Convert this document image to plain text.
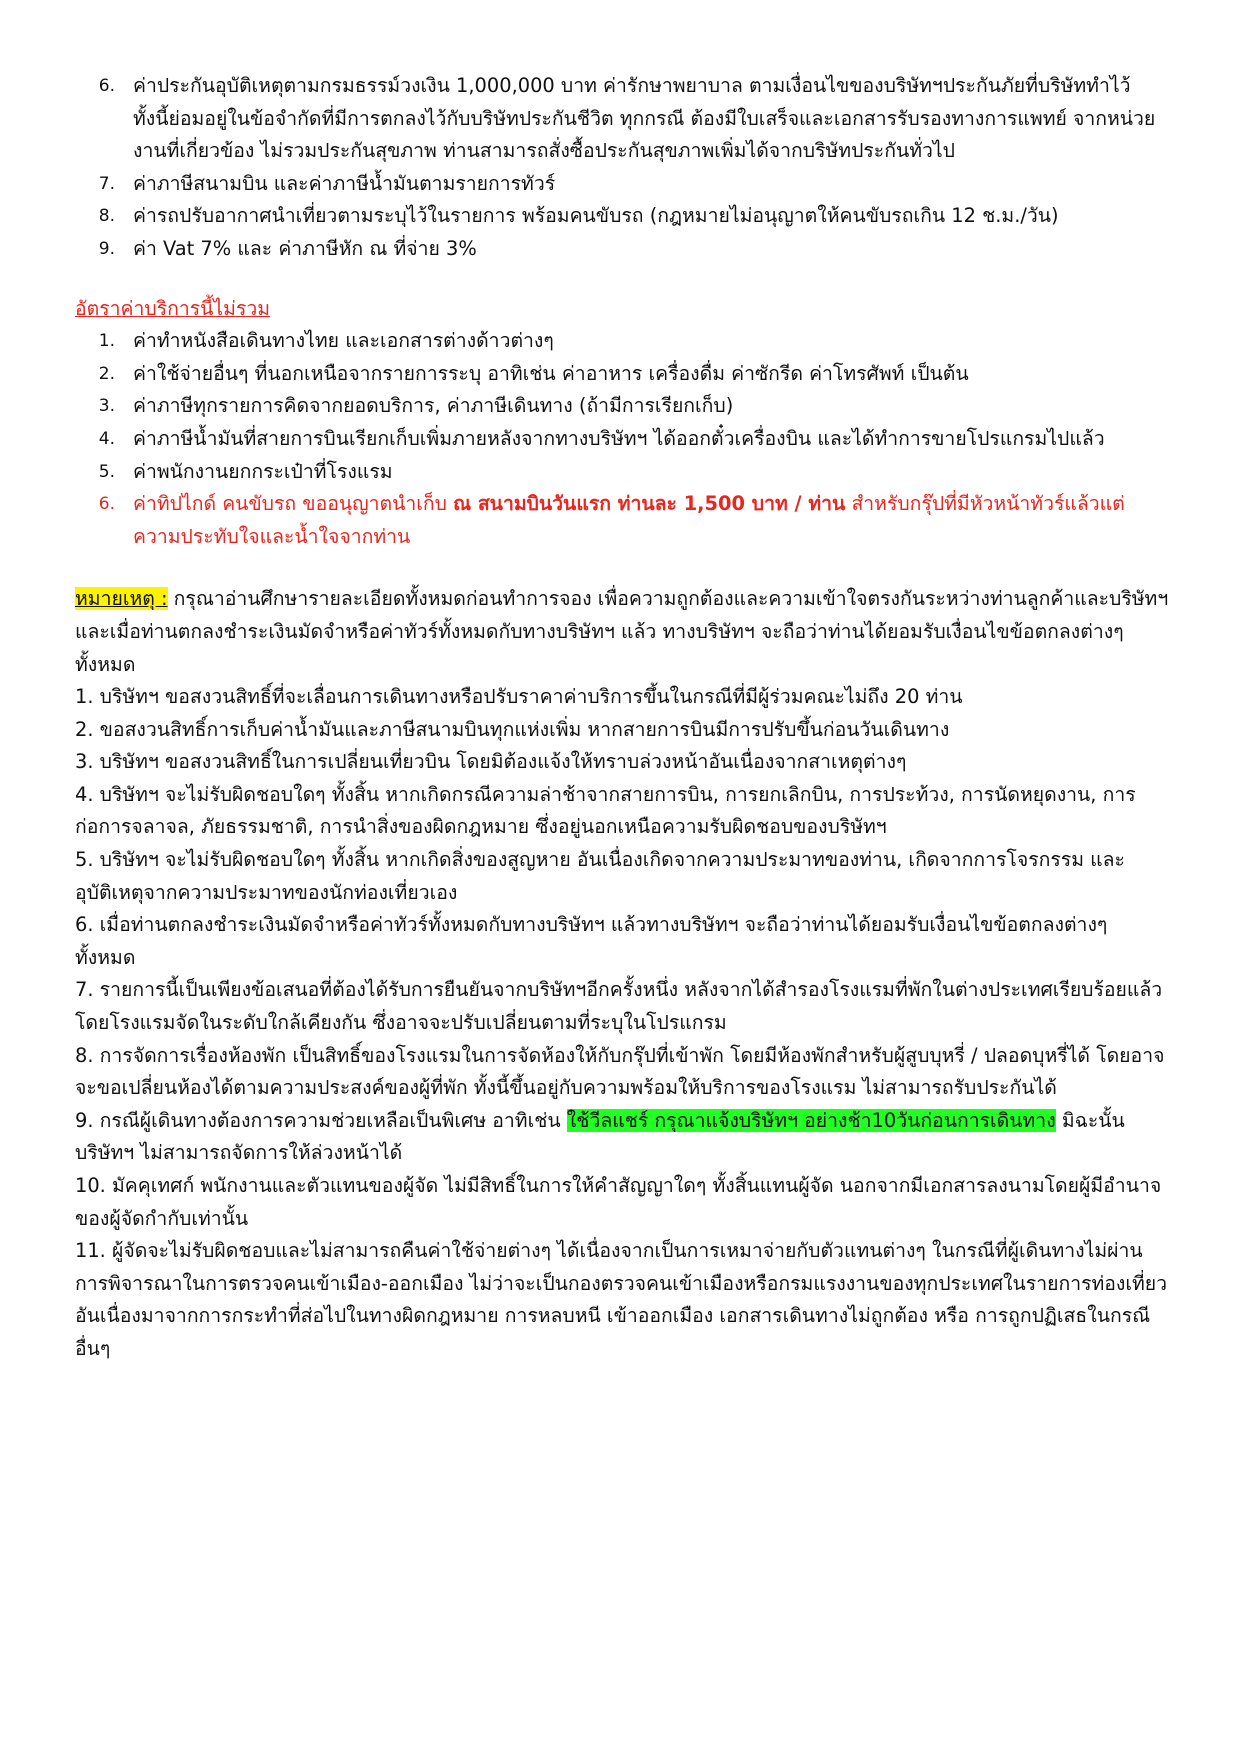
6. ค่าประกันอุบัติเหตุตามกรมธรรม์วงเงิน 1,000,000 บาท ค่ารักษาพยาบาล ตามเงื่อนไขของบริษัทฯประกันภัยที่บริษัททำไว้ ทั้งนี้ย่อมอยู่ในข้อจำกัดที่มีการตกลงไว้กับบริษัทประกันชีวิต ทุกกรณี ต้องมีใบเสร็จและเอกสารรับรองทางการแพทย์ จากหน่วยงานที่เกี่ยวข้อง ไม่รวมประกันสุขภาพ ท่านสามารถสั่งซื้อประกันสุขภาพเพิ่มได้จากบริษัทประกันทั่วไป
7. ค่าภาษีสนามบิน และค่าภาษีน้ำมันตามรายการทัวร์
8. ค่ารถปรับอากาศนำเที่ยวตามระบุไว้ในรายการ พร้อมคนขับรถ (กฎหมายไม่อนุญาตให้คนขับรถเกิน 12 ช.ม./วัน)
9. ค่า Vat 7% และ ค่าภาษีหัก ณ ที่จ่าย 3%

อัตราค่าบริการนี้ไม่รวม

1. ค่าทำหนังสือเดินทางไทย และเอกสารต่างด้าวต่างๆ
2. ค่าใช้จ่ายอื่นๆ ที่นอกเหนือจากรายการระบุ อาทิเช่น ค่าอาหาร เครื่องดื่ม ค่าซักรีด ค่าโทรศัพท์ เป็นต้น
3. ค่าภาษีทุกรายการคิดจากยอดบริการ, ค่าภาษีเดินทาง (ถ้ามีการเรียกเก็บ)
4. ค่าภาษีน้ำมันที่สายการบินเรียกเก็บเพิ่มภายหลังจากทางบริษัทฯ ได้ออกตั๋วเครื่องบิน และได้ทำการขายโปรแกรมไปแล้ว
5. ค่าพนักงานยกกระเป๋าที่โรงแรม
6. ค่าทิปไกด์ คนขับรถ ขออนุญาตนำเก็บ ณ สนามบินวันแรก ท่านละ 1,500 บาท / ท่าน สำหรับกรุ๊ปที่มีหัวหน้าทัวร์แล้วแต่ความประทับใจและน้ำใจจากท่าน

หมายเหตุ : กรุณาอ่านศึกษารายละเอียดทั้งหมดก่อนทำการจอง เพื่อความถูกต้องและความเข้าใจตรงกันระหว่างท่านลูกค้าและบริษัทฯ และเมื่อท่านตกลงชำระเงินมัดจำหรือค่าทัวร์ทั้งหมดกับทางบริษัทฯ แล้ว ทางบริษัทฯ จะถือว่าท่านได้ยอมรับเงื่อนไขข้อตกลงต่างๆ ทั้งหมด

1. บริษัทฯ ขอสงวนสิทธิ์ที่จะเลื่อนการเดินทางหรือปรับราคาค่าบริการขึ้นในกรณีที่มีผู้ร่วมคณะไม่ถึง 20 ท่าน

2. ขอสงวนสิทธิ์การเก็บค่าน้ำมันและภาษีสนามบินทุกแห่งเพิ่ม หากสายการบินมีการปรับขึ้นก่อนวันเดินทาง

3. บริษัทฯ ขอสงวนสิทธิ์ในการเปลี่ยนเที่ยวบิน โดยมิต้องแจ้งให้ทราบล่วงหน้าอันเนื่องจากสาเหตุต่างๆ

4. บริษัทฯ จะไม่รับผิดชอบใดๆ ทั้งสิ้น หากเกิดกรณีความล่าช้าจากสายการบิน, การยกเลิกบิน, การประท้วง, การนัดหยุดงาน, การก่อการจลาจล, ภัยธรรมชาติ, การนำสิ่งของผิดกฎหมาย ซึ่งอยู่นอกเหนือความรับผิดชอบของบริษัทฯ

5. บริษัทฯ จะไม่รับผิดชอบใดๆ ทั้งสิ้น หากเกิดสิ่งของสูญหาย อันเนื่องเกิดจากความประมาทของท่าน, เกิดจากการโจรกรรม และ อุบัติเหตุจากความประมาทของนักท่องเที่ยวเอง

6. เมื่อท่านตกลงชำระเงินมัดจำหรือค่าทัวร์ทั้งหมดกับทางบริษัทฯ แล้วทางบริษัทฯ จะถือว่าท่านได้ยอมรับเงื่อนไขข้อตกลงต่างๆ ทั้งหมด

7. รายการนี้เป็นเพียงข้อเสนอที่ต้องได้รับการยืนยันจากบริษัทฯอีกครั้งหนึ่ง หลังจากได้สำรองโรงแรมที่พักในต่างประเทศเรียบร้อยแล้ว โดยโรงแรมจัดในระดับใกล้เคียงกัน ซึ่งอาจจะปรับเปลี่ยนตามที่ระบุในโปรแกรม

8. การจัดการเรื่องห้องพัก เป็นสิทธิ์ของโรงแรมในการจัดห้องให้กับกรุ๊ปที่เข้าพัก โดยมีห้องพักสำหรับผู้สูบบุหรี่ / ปลอดบุหรี่ได้ โดยอาจจะขอเปลี่ยนห้องได้ตามความประสงค์ของผู้ที่พัก ทั้งนี้ขึ้นอยู่กับความพร้อมให้บริการของโรงแรม ไม่สามารถรับประกันได้

9. กรณีผู้เดินทางต้องการความช่วยเหลือเป็นพิเศษ อาทิเช่น ใช้วีลแชร์ กรุณาแจ้งบริษัทฯ อย่างช้า10วันก่อนการเดินทาง มิฉะนั้นบริษัทฯ ไม่สามารถจัดการให้ล่วงหน้าได้

10. มัคคุเทศก์ พนักงานและตัวแทนของผู้จัด ไม่มีสิทธิ์ในการให้คำสัญญาใดๆ ทั้งสิ้นแทนผู้จัด นอกจากมีเอกสารลงนามโดยผู้มีอำนาจของผู้จัดกำกับเท่านั้น

11. ผู้จัดจะไม่รับผิดชอบและไม่สามารถคืนค่าใช้จ่ายต่างๆ ได้เนื่องจากเป็นการเหมาจ่ายกับตัวแทนต่างๆ ในกรณีที่ผู้เดินทางไม่ผ่านการพิจารณาในการตรวจคนเข้าเมือง-ออกเมือง ไม่ว่าจะเป็นกองตรวจคนเข้าเมืองหรือกรมแรงงานของทุกประเทศในรายการท่องเที่ยว อันเนื่องมาจากการกระทำที่ส่อไปในทางผิดกฎหมาย การหลบหนี เข้าออกเมือง เอกสารเดินทางไม่ถูกต้อง หรือ การถูกปฏิเสธในกรณีอื่นๆ
